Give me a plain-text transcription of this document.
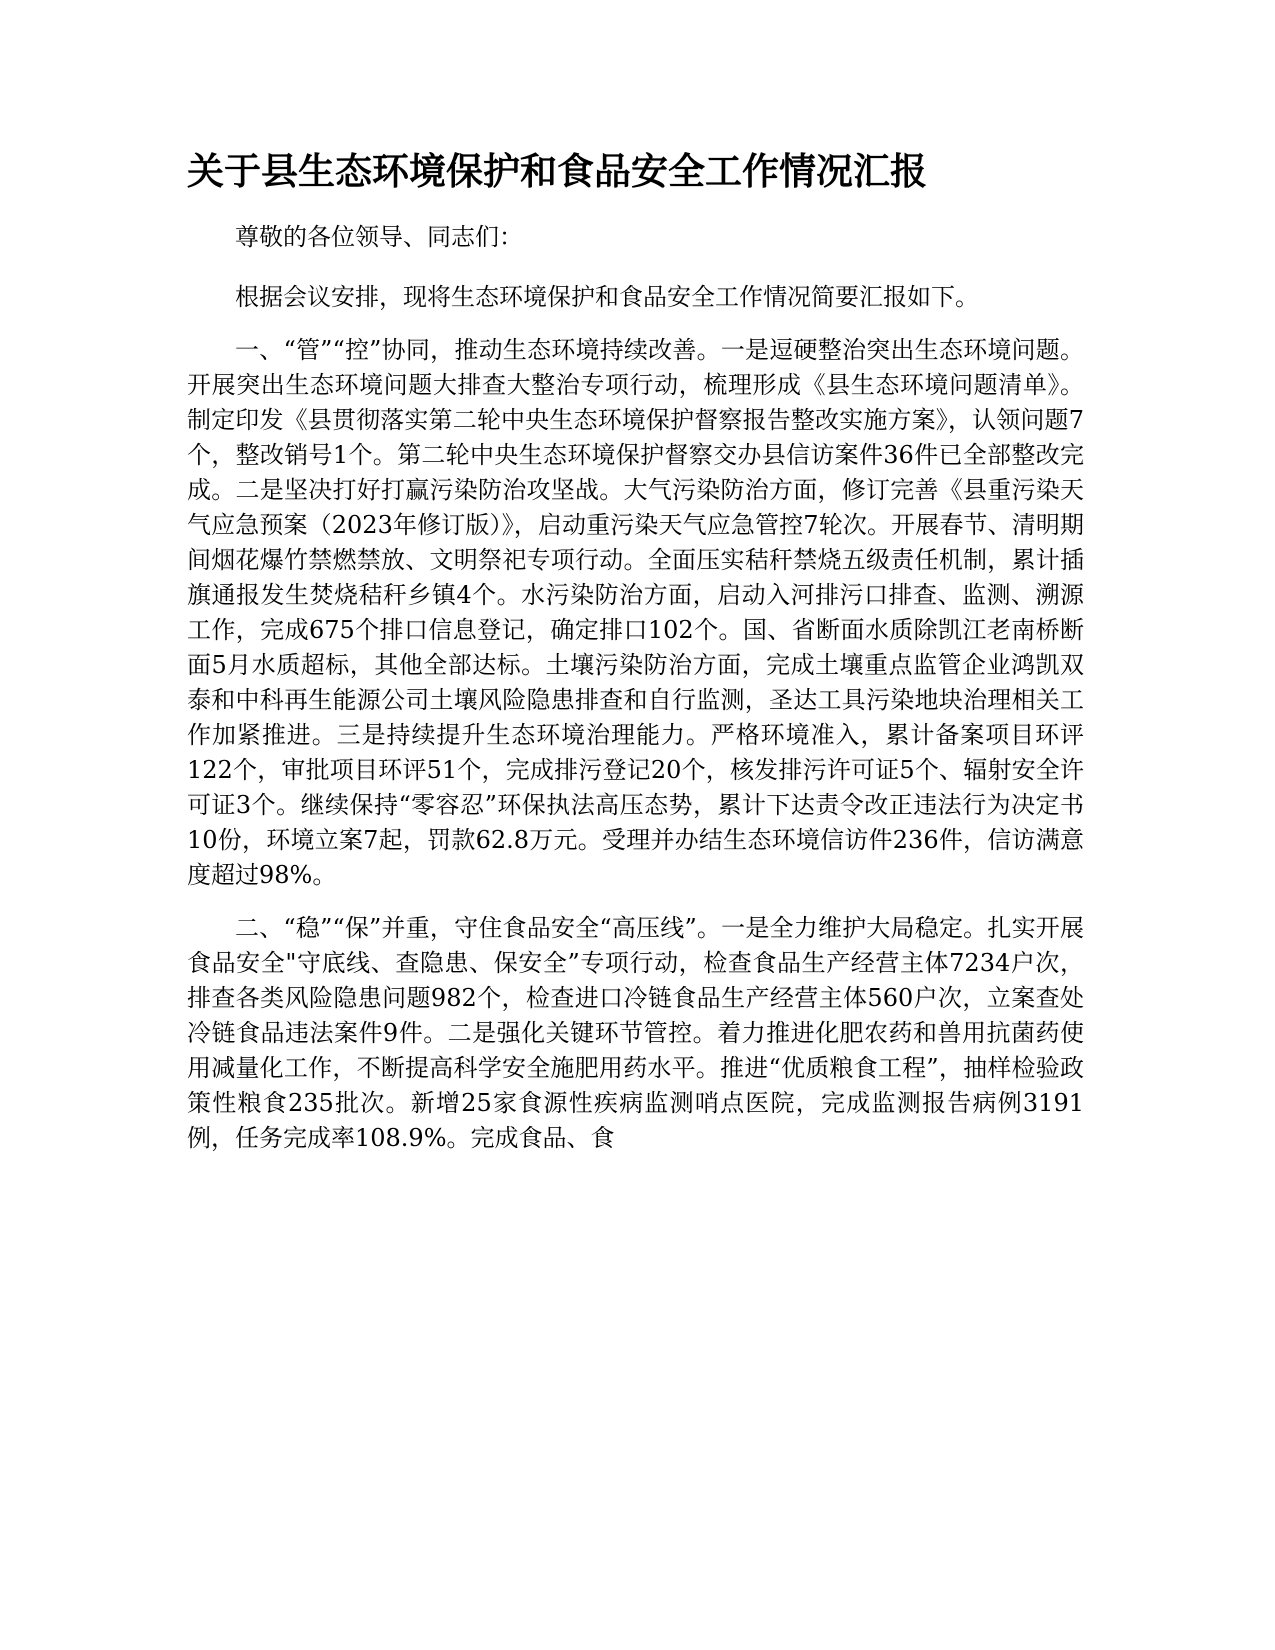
关于县生态环境保护和食品安全工作情况汇报

尊敬的各位领导、同志们：

根据会议安排，现将生态环境保护和食品安全工作情况简要汇报如下。

一、“管”“控”协同，推动生态环境持续改善。一是逗硬整治突出生态环境问题。开展突出生态环境问题大排查大整治专项行动，梳理形成《县生态环境问题清单》。制定印发《县贯彻落实第二轮中央生态环境保护督察报告整改实施方案》，认领问题7个，整改销号1个。第二轮中央生态环境保护督察交办县信访案件36件已全部整改完成。二是坚决打好打赢污染防治攻坚战。大气污染防治方面，修订完善《县重污染天气应急预案（2023年修订版）》，启动重污染天气应急管控7轮次。开展春节、清明期间烟花爆竹禁燃禁放、文明祭祀专项行动。全面压实秸秆禁烧五级责任机制，累计插旗通报发生焚烧秸秆乡镇4个。水污染防治方面，启动入河排污口排查、监测、溯源工作，完成675个排口信息登记，确定排口102个。国、省断面水质除凯江老南桥断面5月水质超标，其他全部达标。土壤污染防治方面，完成土壤重点监管企业鸿凯双泰和中科再生能源公司土壤风险隐患排查和自行监测，圣达工具污染地块治理相关工作加紧推进。三是持续提升生态环境治理能力。严格环境准入，累计备案项目环评122个，审批项目环评51个，完成排污登记20个，核发排污许可证5个、辐射安全许可证3个。继续保持“零容忍”环保执法高压态势，累计下达责令改正违法行为决定书10份，环境立案7起，罚款62.8万元。受理并办结生态环境信访件236件，信访满意度超过98%。

二、“稳”“保”并重，守住食品安全“高压线”。一是全力维护大局稳定。扎实开展食品安全"守底线、查隐患、保安全”专项行动，检查食品生产经营主体7234户次，排查各类风险隐患问题982个，检查进口冷链食品生产经营主体560户次，立案查处冷链食品违法案件9件。二是强化关键环节管控。着力推进化肥农药和兽用抗菌药使用减量化工作，不断提高科学安全施肥用药水平。推进“优质粮食工程”，抽样检验政策性粮食235批次。新增25家食源性疾病监测哨点医院，完成监测报告病例3191例，任务完成率108.9%。完成食品、食
